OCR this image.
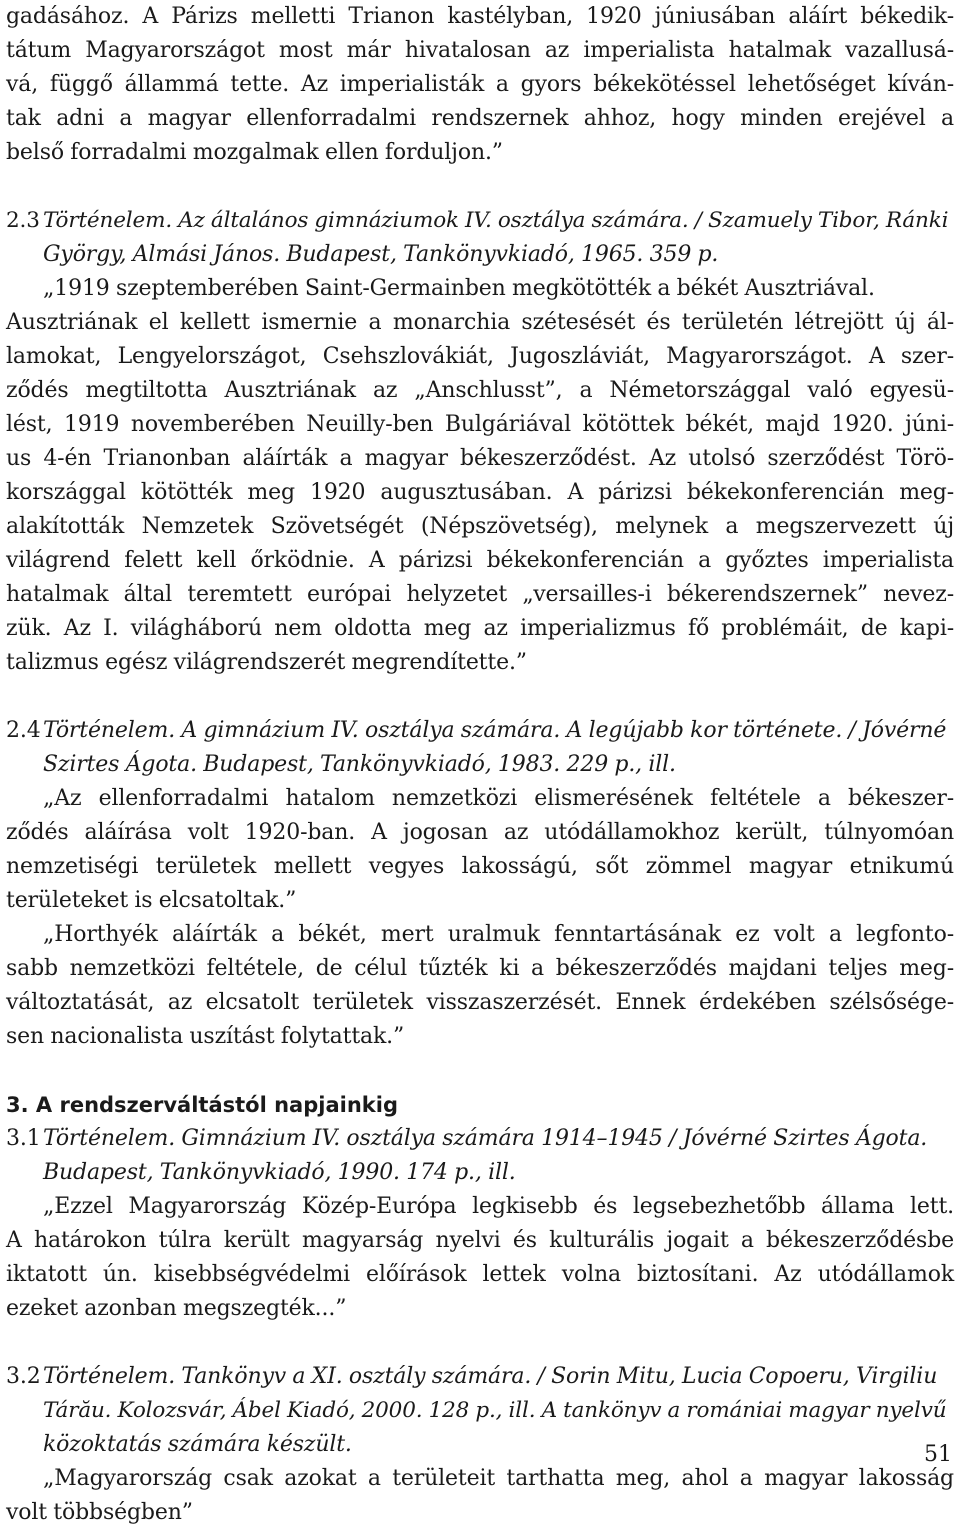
gadásához. A Párizs melletti Trianon kastélyban, 1920 júniusában aláírt békedik-
tátum Magyarországot most már hivatalosan az imperialista hatalmak vazallusá-
vá, függő állammá tette. Az imperialisták a gyors békekötéssel lehetőséget kíván-
tak adni a magyar ellenforradalmi rendszernek ahhoz, hogy minden erejével a
belső forradalmi mozgalmak ellen forduljon.”
2.3 Történelem. Az általános gimnáziumok IV. osztálya számára. / Szamuely Tibor, Ránki
György, Almási János. Budapest, Tankönyvkiadó, 1965. 359 p.
„1919 szeptemberében Saint-Germainben megkötötték a békét Ausztriával.
Ausztriának el kellett ismernie a monarchia szétesését és területén létrejött új ál-
lamokat, Lengyelországot, Csehszlovákiát, Jugoszláviát, Magyarországot. A szer-
ződés megtiltotta Ausztriának az „Anschlusst”, a Németországgal való egyesü-
lést, 1919 novemberében Neuilly-ben Bulgáriával kötöttek békét, majd 1920. júni-
us 4-én Trianonban aláírták a magyar békeszerződést. Az utolsó szerződést Törö-
kországgal kötötték meg 1920 augusztusában. A párizsi békekonferencián meg-
alakították Nemzetek Szövetségét (Népszövetség), melynek a megszervezett új
világrend felett kell őrködnie. A párizsi békekonferencián a győztes imperialista
hatalmak által teremtett európai helyzetet „versailles-i békerendszernek” nevez-
zük. Az I. világháború nem oldotta meg az imperializmus fő problémáit, de kapi-
talizmus egész világrendszerét megrendítette.”
2.4 Történelem. A gimnázium IV. osztálya számára. A legújabb kor története. / Jóvérné
Szirtes Ágota. Budapest, Tankönyvkiadó, 1983. 229 p., ill.
„Az ellenforradalmi hatalom nemzetközi elismerésének feltétele a békeszer-
ződés aláírása volt 1920-ban. A jogosan az utódállamokhoz került, túlnyomóan
nemzetiségi területek mellett vegyes lakosságú, sőt zömmel magyar etnikumú
területeket is elcsatoltak.”
„Horthyék aláírták a békét, mert uralmuk fenntartásának ez volt a legfonto-
sabb nemzetközi feltétele, de célul tűzték ki a békeszerződés majdani teljes meg-
változtatását, az elcsatolt területek visszaszerzését. Ennek érdekében szélsősége-
sen nacionalista uszítást folytattak.”
3. A rendszerváltástól napjainkig
3.1 Történelem. Gimnázium IV. osztálya számára 1914–1945 / Jóvérné Szirtes Ágota.
Budapest, Tankönyvkiadó, 1990. 174 p., ill.
„Ezzel Magyarország Közép-Európa legkisebb és legsebezhetőbb állama lett.
A határokon túlra került magyarság nyelvi és kulturális jogait a békeszerződésbe
iktatott ún. kisebbségvédelmi előírások lettek volna biztosítani. Az utódállamok
ezeket azonban megszegték...”
3.2 Történelem. Tankönyv a XI. osztály számára. / Sorin Mitu, Lucia Copoeru, Virgiliu
Tárău. Kolozsvár, Ábel Kiadó, 2000. 128 p., ill. A tankönyv a romániai magyar nyelvű
közoktatás számára készült.
„Magyarország csak azokat a területeit tarthatta meg, ahol a magyar lakosság
volt többségben”
51
